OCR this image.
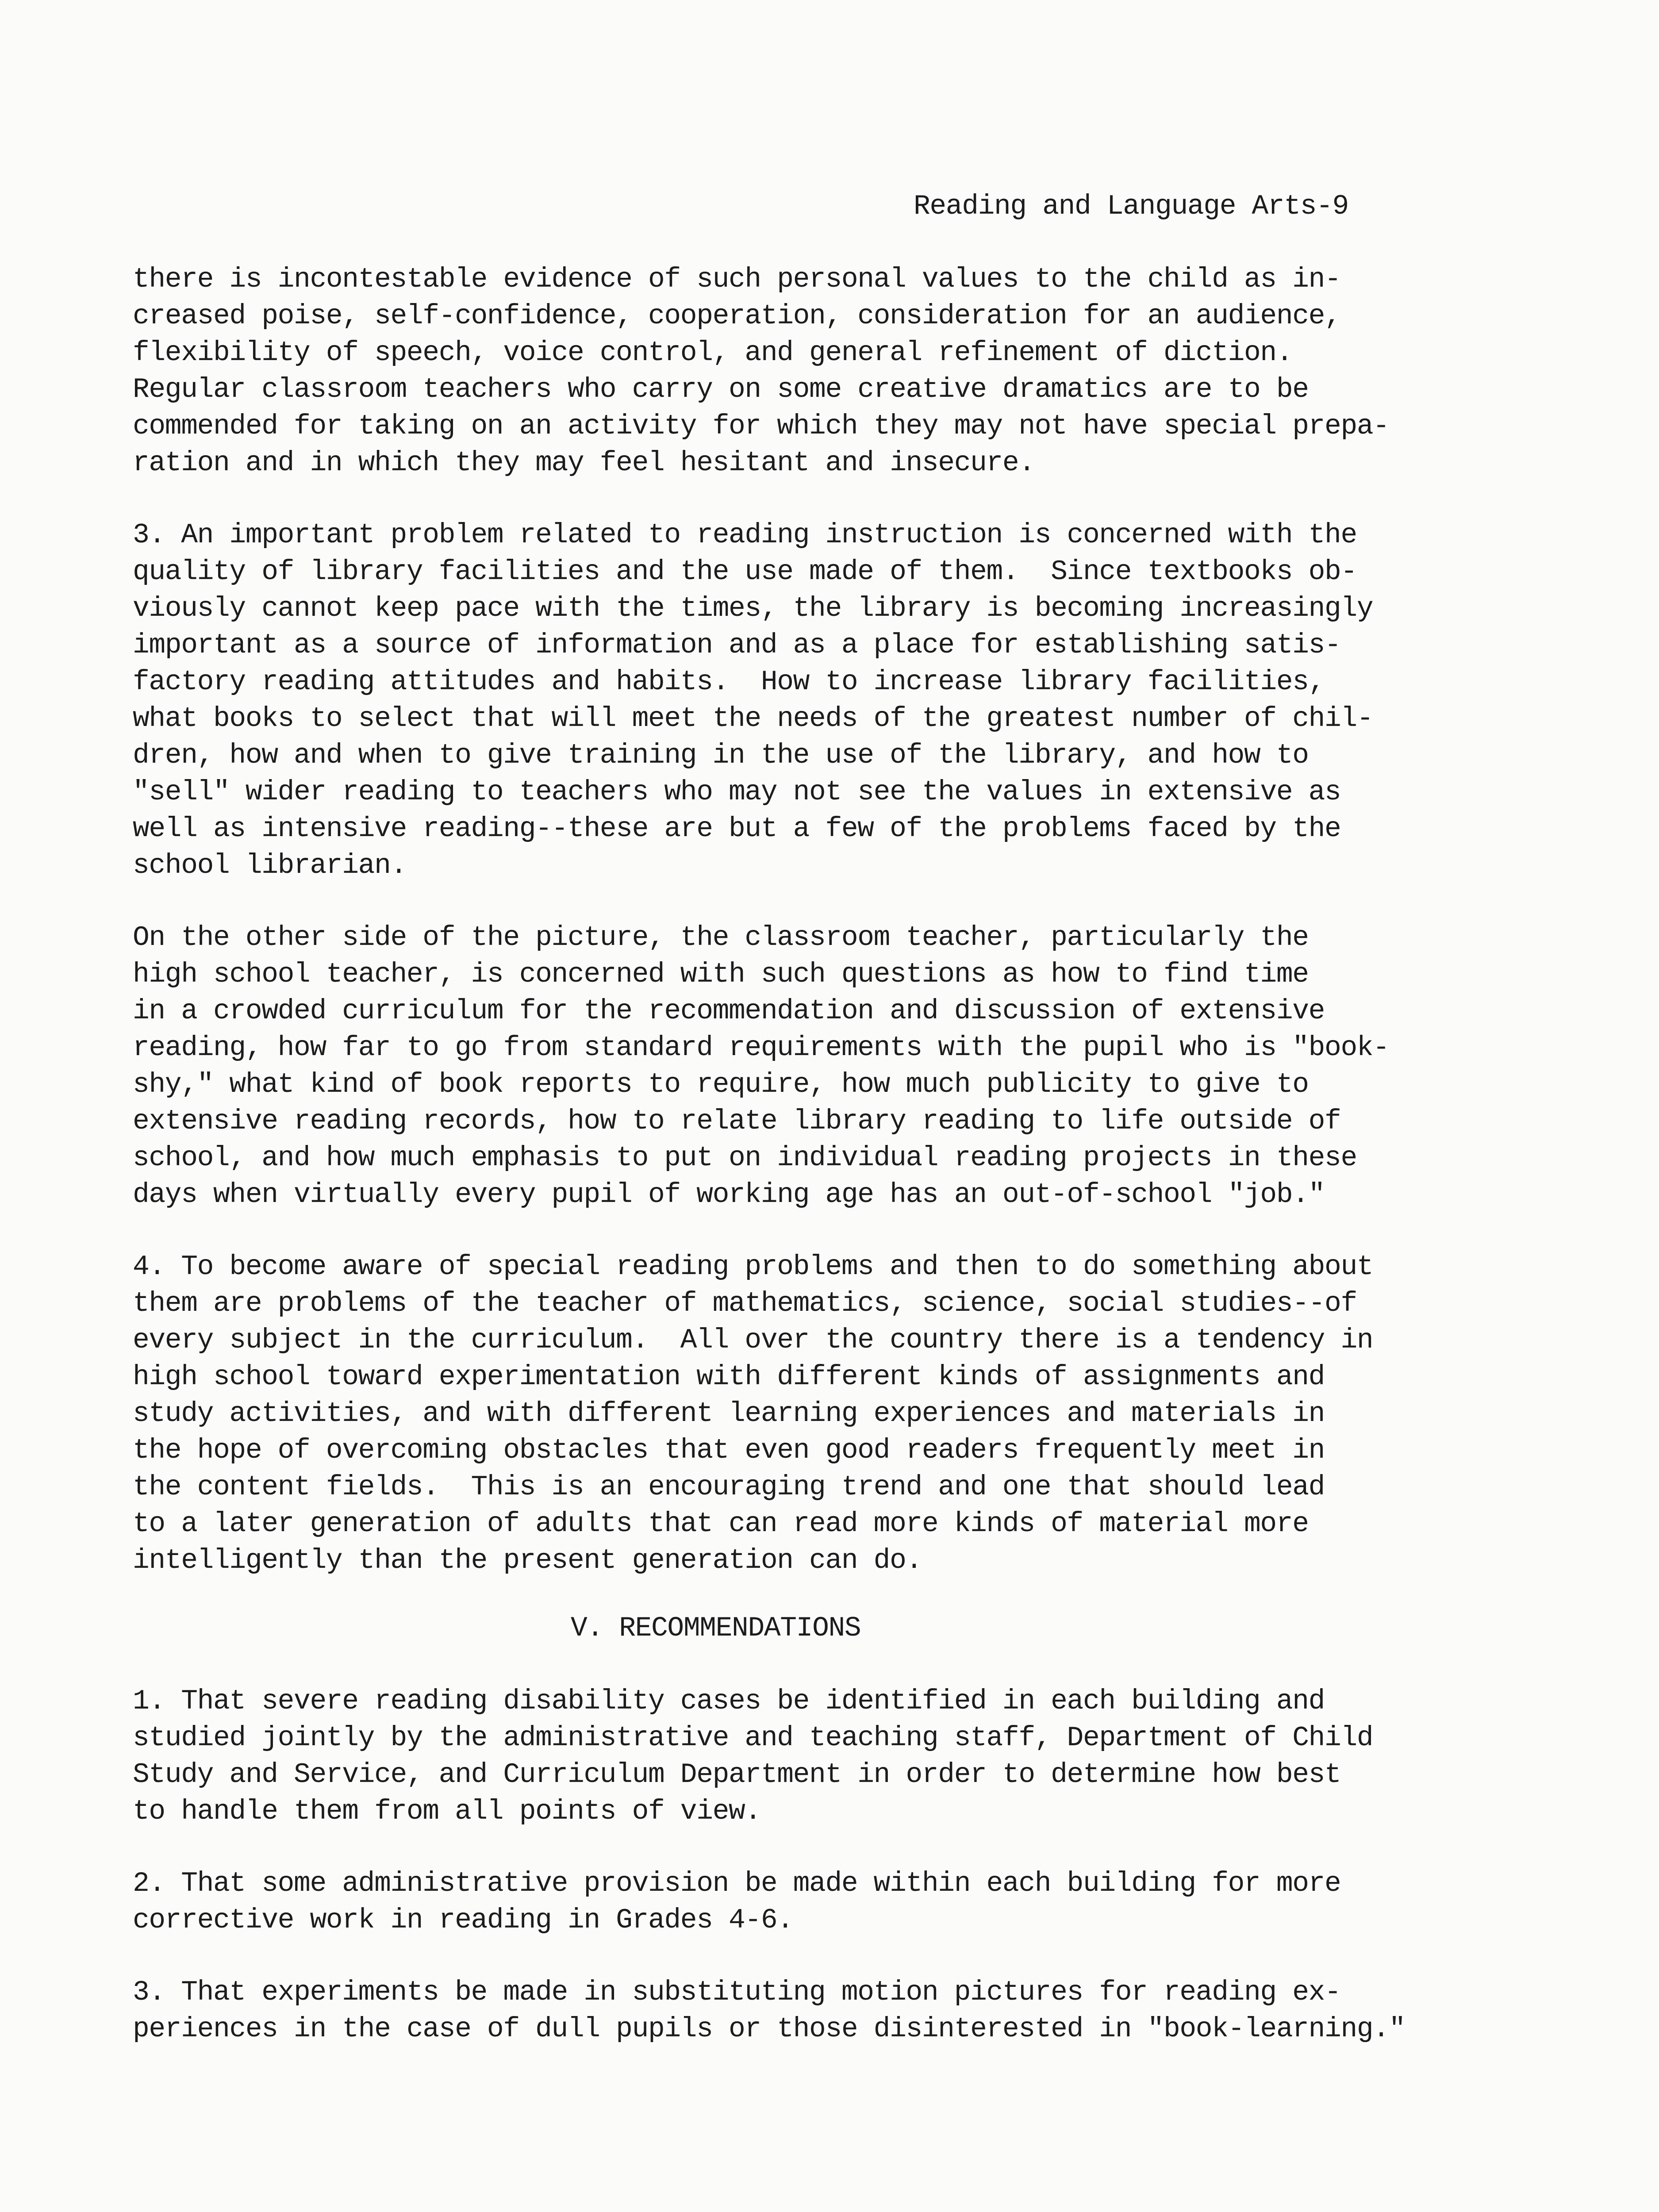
Reading and Language Arts-9
there is incontestable evidence of such personal values to the child as in-
creased poise, self-confidence, cooperation, consideration for an audience,
flexibility of speech, voice control, and general refinement of diction.
Regular classroom teachers who carry on some creative dramatics are to be
commended for taking on an activity for which they may not have special prepa-
ration and in which they may feel hesitant and insecure.
3. An important problem related to reading instruction is concerned with the
quality of library facilities and the use made of them.  Since textbooks ob-
viously cannot keep pace with the times, the library is becoming increasingly
important as a source of information and as a place for establishing satis-
factory reading attitudes and habits.  How to increase library facilities,
what books to select that will meet the needs of the greatest number of chil-
dren, how and when to give training in the use of the library, and how to
"sell" wider reading to teachers who may not see the values in extensive as
well as intensive reading--these are but a few of the problems faced by the
school librarian.
On the other side of the picture, the classroom teacher, particularly the
high school teacher, is concerned with such questions as how to find time
in a crowded curriculum for the recommendation and discussion of extensive
reading, how far to go from standard requirements with the pupil who is "book-
shy," what kind of book reports to require, how much publicity to give to
extensive reading records, how to relate library reading to life outside of
school, and how much emphasis to put on individual reading projects in these
days when virtually every pupil of working age has an out-of-school "job."
4. To become aware of special reading problems and then to do something about
them are problems of the teacher of mathematics, science, social studies--of
every subject in the curriculum.  All over the country there is a tendency in
high school toward experimentation with different kinds of assignments and
study activities, and with different learning experiences and materials in
the hope of overcoming obstacles that even good readers frequently meet in
the content fields.  This is an encouraging trend and one that should lead
to a later generation of adults that can read more kinds of material more
intelligently than the present generation can do.
V. RECOMMENDATIONS
1. That severe reading disability cases be identified in each building and
studied jointly by the administrative and teaching staff, Department of Child
Study and Service, and Curriculum Department in order to determine how best
to handle them from all points of view.
2. That some administrative provision be made within each building for more
corrective work in reading in Grades 4-6.
3. That experiments be made in substituting motion pictures for reading ex-
periences in the case of dull pupils or those disinterested in "book-learning."
